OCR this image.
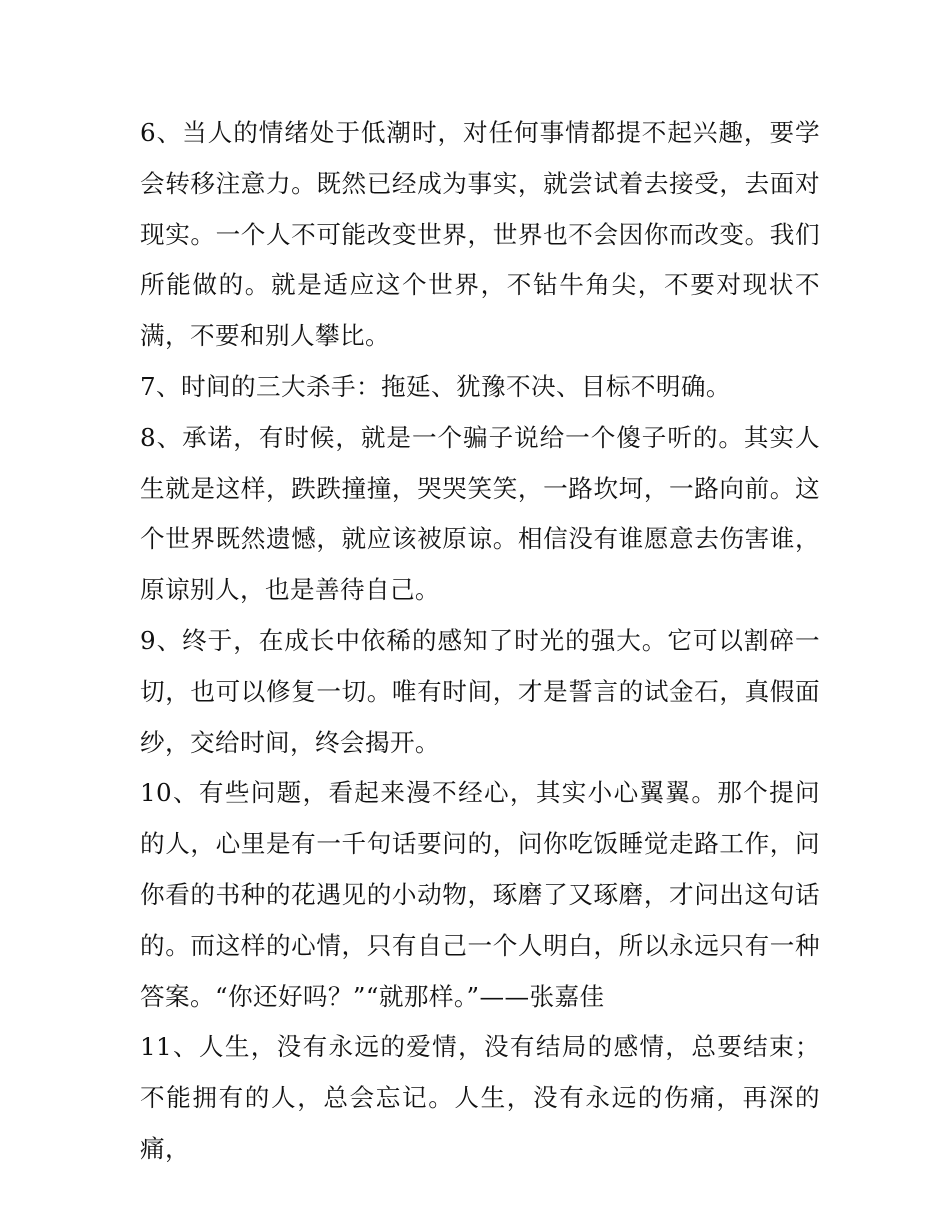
6、当人的情绪处于低潮时，对任何事情都提不起兴趣，要学会转移注意力。既然已经成为事实，就尝试着去接受，去面对现实。一个人不可能改变世界，世界也不会因你而改变。我们所能做的。就是适应这个世界，不钻牛角尖，不要对现状不满，不要和别人攀比。

7、时间的三大杀手：拖延、犹豫不决、目标不明确。

8、承诺，有时候，就是一个骗子说给一个傻子听的。其实人生就是这样，跌跌撞撞，哭哭笑笑，一路坎坷，一路向前。这个世界既然遗憾，就应该被原谅。相信没有谁愿意去伤害谁，原谅别人，也是善待自己。

9、终于，在成长中依稀的感知了时光的强大。它可以割碎一切，也可以修复一切。唯有时间，才是誓言的试金石，真假面纱，交给时间，终会揭开。

10、有些问题，看起来漫不经心，其实小心翼翼。那个提问的人，心里是有一千句话要问的，问你吃饭睡觉走路工作，问你看的书种的花遇见的小动物，琢磨了又琢磨，才问出这句话的。而这样的心情，只有自己一个人明白，所以永远只有一种答案。“你还好吗？”“就那样。”——张嘉佳

11、人生，没有永远的爱情，没有结局的感情，总要结束；不能拥有的人，总会忘记。人生，没有永远的伤痛，再深的痛，
